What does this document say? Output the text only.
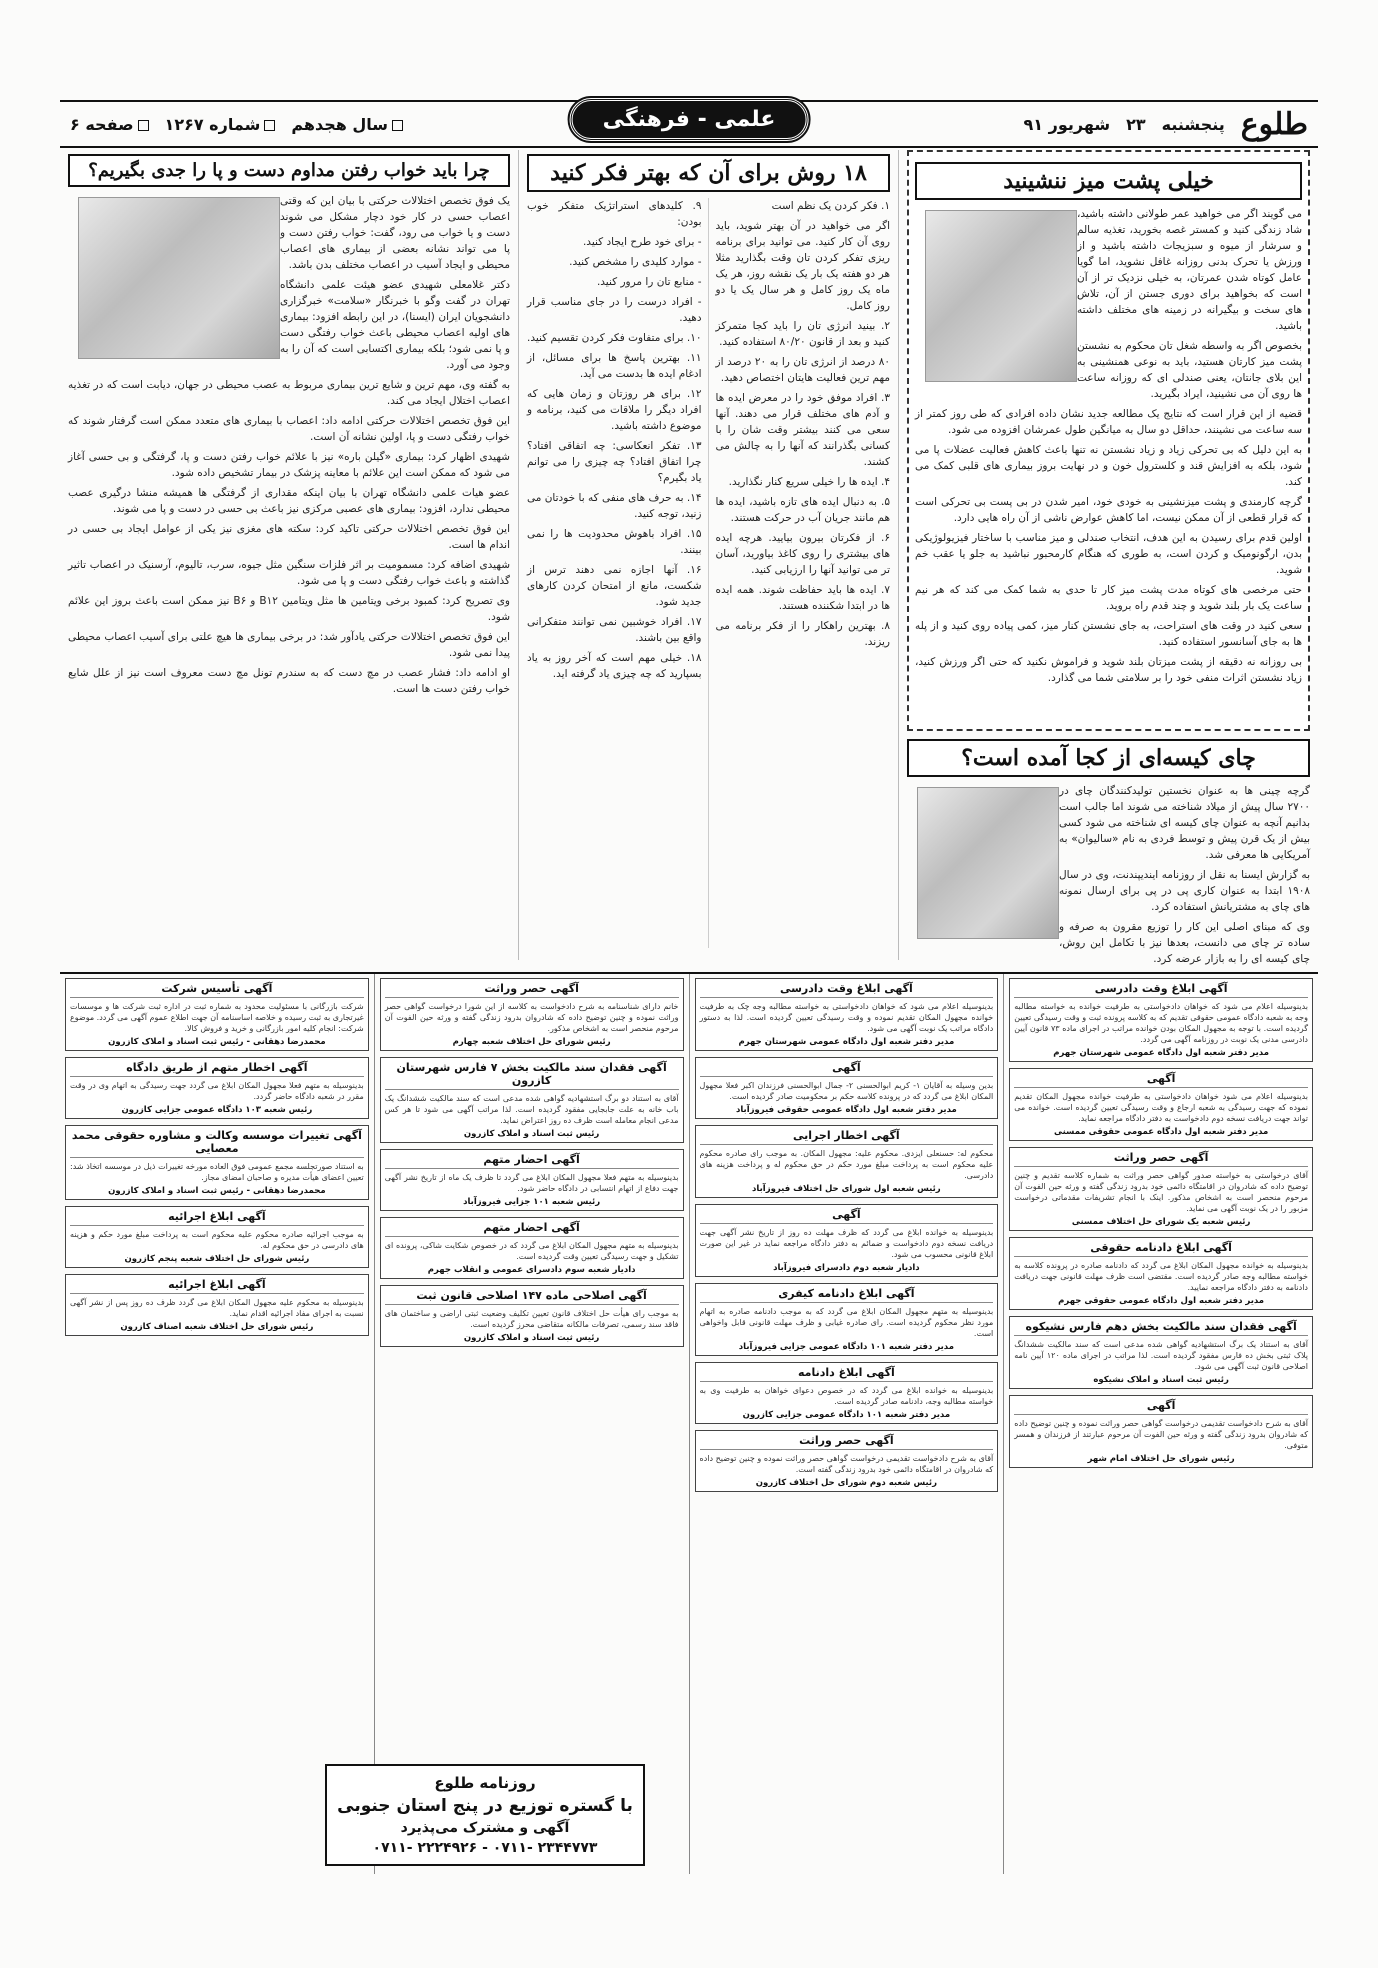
طلوع
پنجشنبه
۲۳
شهریور ۹۱
علمی - فرهنگی
سال هجدهم
شماره ۱۲۶۷
صفحه ۶
خیلی پشت میز ننشینید

می گویند اگر می خواهید عمر طولانی داشته باشید، شاد زندگی کنید و کمستر غصه بخورید، تغذیه سالم و سرشار از میوه و سبزیجات داشته باشید و از ورزش یا تحرک بدنی روزانه غافل نشوید، اما گویا عامل کوتاه شدن عمرتان، به خیلی نزدیک تر از آن است که بخواهید برای دوری جستن از آن، تلاش های سخت و بیگیرانه در زمینه های مختلف داشته باشید.

بخصوص اگر به واسطه شغل تان محکوم به نشستن پشت میز کارتان هستید، باید به نوعی همنشینی به این بلای جانتان، یعنی صندلی ای که روزانه ساعت ها روی آن می نشینید، ایراد بگیرید.

قضیه از این قرار است که نتایج یک مطالعه جدید نشان داده افرادی که طی روز کمتر از سه ساعت می نشینند، حداقل دو سال به میانگین طول عمرشان افزوده می شود.

به این دلیل که بی تحرکی زیاد و زیاد نشستن نه تنها باعث کاهش فعالیت عضلات پا می شود، بلکه به افزایش قند و کلسترول خون و در نهایت بروز بیماری های قلبی کمک می کند.

گرچه کارمندی و پشت میزنشینی به خودی خود، امیر شدن در بی پست بی تحرکی است که قرار قطعی از آن ممکن نیست، اما کاهش عوارض ناشی از آن راه هایی دارد.

اولین قدم برای رسیدن به این هدف، انتخاب صندلی و میز مناسب با ساختار فیزیولوژیکی بدن، ارگونومیک و کردن است، به طوری که هنگام کارمحبور نباشید به جلو یا عقب خم شوید.

حتی مرخصی های کوتاه مدت پشت میز کار تا حدی به شما کمک می کند که هر نیم ساعت یک بار بلند شوید و چند قدم راه بروید.

سعی کنید در وقت های استراحت، به جای نشستن کنار میز، کمی پیاده روی کنید و از پله ها به جای آسانسور استفاده کنید.

بی روزانه نه دقیقه از پشت میزتان بلند شوید و فراموش نکنید که حتی اگر ورزش کنید، زیاد نشستن اثرات منفی خود را بر سلامتی شما می گذارد.

چای کیسه‌ای از کجا آمده است؟

گرچه چینی ها به عنوان نخستین تولیدکنندگان چای در ۲۷۰۰ سال پیش از میلاد شناخته می شوند اما جالب است بدانیم آنچه به عنوان چای کیسه ای شناخته می شود کسی بیش از یک قرن پیش و توسط فردی به نام «سالیوان» به آمریکایی ها معرفی شد.

به گزارش ایسنا به نقل از روزنامه ایندیپندنت، وی در سال ۱۹۰۸ ابتدا به عنوان کاری پی در پی برای ارسال نمونه های چای به مشتریانش استفاده کرد.

وی که مبنای اصلی این کار را توزیع مقرون به صرفه و ساده تر چای می دانست، بعدها نیز با تکامل این روش، چای کیسه ای را به بازار عرضه کرد.

۱۸ روش برای آن که بهتر فکر کنید

۱. فکر کردن یک نظم است

اگر می خواهید در آن بهتر شوید، باید روی آن کار کنید. می توانید برای برنامه ریزی تفکر کردن تان وقت بگذارید مثلا هر دو هفته یک بار یک نقشه روز، هر یک ماه یک روز کامل و هر سال یک یا دو روز کامل.

۲. بینید انرژی تان را باید کجا متمرکز کنید و بعد از قانون ۸۰/۲۰ استفاده کنید.

۸۰ درصد از انرژی تان را به ۲۰ درصد از مهم ترین فعالیت هایتان اختصاص دهید.

۳. افراد موفق خود را در معرض ایده ها و آدم های مختلف قرار می دهند. آنها سعی می کنند بیشتر وقت شان را با کسانی بگذرانند که آنها را به چالش می کشند.

۴. ایده ها را خیلی سریع کنار نگذارید.

۵. به دنبال ایده های تازه باشید، ایده ها هم مانند جریان آب در حرکت هستند.

۶. از فکرتان بیرون بیایید. هرچه ایده های بیشتری را روی کاغذ بیاورید، آسان تر می توانید آنها را ارزیابی کنید.

۷. ایده ها باید حفاظت شوند. همه ایده ها در ابتدا شکننده هستند.

۸. بهترین راهکار را از فکر برنامه می ریزند.

۹. کلیدهای استراتژیک متفکر خوب بودن:

- برای خود طرح ایجاد کنید.

- موارد کلیدی را مشخص کنید.

- منابع تان را مرور کنید.

- افراد درست را در جای مناسب قرار دهید.

۱۰. برای متفاوت فکر کردن تقسیم کنید.

۱۱. بهترین پاسخ ها برای مسائل، از ادغام ایده ها بدست می آید.

۱۲. برای هر روزتان و زمان هایی که افراد دیگر را ملاقات می کنید، برنامه و موضوع داشته باشید.

۱۳. تفکر انعکاسی: چه اتفاقی افتاد؟ چرا اتفاق افتاد؟ چه چیزی را می توانم یاد بگیرم؟

۱۴. به حرف های منفی که با خودتان می زنید، توجه کنید.

۱۵. افراد باهوش محدودیت ها را نمی بینند.

۱۶. آنها اجازه نمی دهند ترس از شکست، مانع از امتحان کردن کارهای جدید شود.

۱۷. افراد خوشبین نمی توانند متفکرانی واقع بین باشند.

۱۸. خیلی مهم است که آخر روز به یاد بسپارید که چه چیزی یاد گرفته اید.

چرا باید خواب رفتن مداوم دست و پا را جدی بگیریم؟

یک فوق تخصص اختلالات حرکتی با بیان این که وقتی اعصاب حسی در کار خود دچار مشکل می شوند دست و یا خواب می رود، گفت: خواب رفتن دست و پا می تواند نشانه بعضی از بیماری های اعصاب محیطی و ایجاد آسیب در اعصاب مختلف بدن باشد.

دکتر غلامعلی شهیدی عضو هیئت علمی دانشگاه تهران در گفت وگو با خبرنگار «سلامت» خبرگزاری دانشجویان ایران (ایسنا)، در این رابطه افزود: بیماری های اولیه اعصاب محیطی باعث خواب رفتگی دست و پا نمی شود؛ بلکه بیماری اکتسابی است که آن را به وجود می آورد.

به گفته وی، مهم ترین و شایع ترین بیماری مربوط به عصب محیطی در جهان، دیابت است که در تغذیه اعصاب اختلال ایجاد می کند.

این فوق تخصص اختلالات حرکتی ادامه داد: اعصاب با بیماری های متعدد ممکن است گرفتار شوند که خواب رفتگی دست و پا، اولین نشانه آن است.

شهیدی اظهار کرد: بیماری «گیلن باره» نیز با علائم خواب رفتن دست و پا، گرفتگی و بی حسی آغاز می شود که ممکن است این علائم با معاینه پزشک در بیمار تشخیص داده شود.

عضو هیات علمی دانشگاه تهران با بیان اینکه مقداری از گرفتگی ها همیشه منشا درگیری عصب محیطی ندارد، افزود: بیماری های عصبی مرکزی نیز باعث بی حسی در دست و پا می شوند.

این فوق تخصص اختلالات حرکتی تاکید کرد: سکته های مغزی نیز یکی از عوامل ایجاد بی حسی در اندام ها است.

شهیدی اضافه کرد: مسمومیت بر اثر فلزات سنگین مثل جیوه، سرب، تالیوم، آرسنیک در اعصاب تاثیر گذاشته و باعث خواب رفتگی دست و پا می شود.

وی تصریح کرد: کمبود برخی ویتامین ها مثل ویتامین B۱۲ و B۶ نیز ممکن است باعث بروز این علائم شود.

این فوق تخصص اختلالات حرکتی یادآور شد: در برخی بیماری ها هیچ علتی برای آسیب اعصاب محیطی پیدا نمی شود.

او ادامه داد: فشار عصب در مچ دست که به سندرم تونل مچ دست معروف است نیز از علل شایع خواب رفتن دست ها است.

آگهی ابلاغ وقت دادرسی

بدینوسیله اعلام می شود که خواهان دادخواستی به طرفیت خوانده به خواسته مطالبه وجه به شعبه دادگاه عمومی حقوقی تقدیم که به کلاسه پرونده ثبت و وقت رسیدگی تعیین گردیده است. با توجه به مجهول المکان بودن خوانده مراتب در اجرای ماده ۷۳ قانون آیین دادرسی مدنی یک نوبت در روزنامه آگهی می گردد.

مدیر دفتر شعبه اول دادگاه عمومی شهرستان جهرم
آگهی

بدینوسیله اعلام می شود خواهان دادخواستی به طرفیت خوانده مجهول المکان تقدیم نموده که جهت رسیدگی به شعبه ارجاع و وقت رسیدگی تعیین گردیده است. خوانده می تواند جهت دریافت نسخه دوم دادخواست به دفتر دادگاه مراجعه نماید.

مدیر دفتر شعبه اول دادگاه عمومی حقوقی ممسنی
آگهی حصر وراثت

آقای درخواستی به خواسته صدور گواهی حصر وراثت به شماره کلاسه تقدیم و چنین توضیح داده که شادروان در اقامتگاه دائمی خود بدرود زندگی گفته و ورثه حین الفوت آن مرحوم منحصر است به اشخاص مذکور. اینک با انجام تشریفات مقدماتی درخواست مزبور را در یک نوبت آگهی می نماید.

رئیس شعبه یک شورای حل اختلاف ممسنی
آگهی ابلاغ دادنامه حقوقی

بدینوسیله به خوانده مجهول المکان ابلاغ می گردد که دادنامه صادره در پرونده کلاسه به خواسته مطالبه وجه صادر گردیده است. مقتضی است ظرف مهلت قانونی جهت دریافت دادنامه به دفتر دادگاه مراجعه نمایید.

مدیر دفتر شعبه اول دادگاه عمومی حقوقی جهرم
آگهی فقدان سند مالکیت بخش دهم فارس نشیکوه

آقای به استناد یک برگ استشهادیه گواهی شده مدعی است که سند مالکیت ششدانگ پلاک ثبتی بخش ده فارس مفقود گردیده است. لذا مراتب در اجرای ماده ۱۲۰ آیین نامه اصلاحی قانون ثبت آگهی می شود.

رئیس ثبت اسناد و املاک نشیکوه
آگهی

آقای به شرح دادخواست تقدیمی درخواست گواهی حصر وراثت نموده و چنین توضیح داده که شادروان بدرود زندگی گفته و ورثه حین الفوت آن مرحوم عبارتند از فرزندان و همسر متوفی.

رئیس شورای حل اختلاف امام شهر
آگهی ابلاغ وقت دادرسی

بدینوسیله اعلام می شود که خواهان دادخواستی به خواسته مطالبه وجه چک به طرفیت خوانده مجهول المکان تقدیم نموده و وقت رسیدگی تعیین گردیده است. لذا به دستور دادگاه مراتب یک نوبت آگهی می شود.

مدیر دفتر شعبه اول دادگاه عمومی شهرستان جهرم
آگهی

بدین وسیله به آقایان ۱- کریم ابوالحسنی ۲- جمال ابوالحسنی فرزندان اکبر فعلا مجهول المکان ابلاغ می گردد که در پرونده کلاسه حکم بر محکومیت صادر گردیده است.

مدیر دفتر شعبه اول دادگاه عمومی حقوقی فیروزآباد
آگهی اخطار اجرایی

محکوم له: حسنعلی ایزدی. محکوم علیه: مجهول المکان. به موجب رای صادره محکوم علیه محکوم است به پرداخت مبلغ مورد حکم در حق محکوم له و پرداخت هزینه های دادرسی.

رئیس شعبه اول شورای حل اختلاف فیروزآباد
آگهی

بدینوسیله به خوانده ابلاغ می گردد که ظرف مهلت ده روز از تاریخ نشر آگهی جهت دریافت نسخه دوم دادخواست و ضمائم به دفتر دادگاه مراجعه نماید در غیر این صورت ابلاغ قانونی محسوب می شود.

دادیار شعبه دوم دادسرای فیروزآباد
آگهی ابلاغ دادنامه کیفری

بدینوسیله به متهم مجهول المکان ابلاغ می گردد که به موجب دادنامه صادره به اتهام مورد نظر محکوم گردیده است. رای صادره غیابی و ظرف مهلت قانونی قابل واخواهی است.

مدیر دفتر شعبه ۱۰۱ دادگاه عمومی جزایی فیروزآباد
آگهی ابلاغ دادنامه

بدینوسیله به خوانده ابلاغ می گردد که در خصوص دعوای خواهان به طرفیت وی به خواسته مطالبه وجه، دادنامه صادر گردیده است.

مدیر دفتر شعبه ۱۰۱ دادگاه عمومی جزایی کازرون
آگهی حصر وراثت

آقای به شرح دادخواست تقدیمی درخواست گواهی حصر وراثت نموده و چنین توضیح داده که شادروان در اقامتگاه دائمی خود بدرود زندگی گفته است.

رئیس شعبه دوم شورای حل اختلاف کازرون
آگهی حصر وراثت

خانم دارای شناسنامه به شرح دادخواست به کلاسه از این شورا درخواست گواهی حصر وراثت نموده و چنین توضیح داده که شادروان بدرود زندگی گفته و ورثه حین الفوت آن مرحوم منحصر است به اشخاص مذکور.

رئیس شورای حل اختلاف شعبه چهارم
آگهی فقدان سند مالکیت بخش ۷ فارس شهرستان کازرون

آقای به استناد دو برگ استشهادیه گواهی شده مدعی است که سند مالکیت ششدانگ یک باب خانه به علت جابجایی مفقود گردیده است. لذا مراتب آگهی می شود تا هر کس مدعی انجام معامله است ظرف ده روز اعتراض نماید.

رئیس ثبت اسناد و املاک کازرون
آگهی احضار متهم

بدینوسیله به متهم فعلا مجهول المکان ابلاغ می گردد تا ظرف یک ماه از تاریخ نشر آگهی جهت دفاع از اتهام انتسابی در دادگاه حاضر شود.

رئیس شعبه ۱۰۱ جزایی فیروزآباد
آگهی احضار متهم

بدینوسیله به متهم مجهول المکان ابلاغ می گردد که در خصوص شکایت شاکی، پرونده ای تشکیل و جهت رسیدگی تعیین وقت گردیده است.

دادیار شعبه سوم دادسرای عمومی و انقلاب جهرم
آگهی اصلاحی ماده ۱۴۷ اصلاحی قانون ثبت

به موجب رای هیأت حل اختلاف قانون تعیین تکلیف وضعیت ثبتی اراضی و ساختمان های فاقد سند رسمی، تصرفات مالکانه متقاضی محرز گردیده است.

رئیس ثبت اسناد و املاک کازرون
آگهی تأسیس شرکت

شرکت بازرگانی با مسئولیت محدود به شماره ثبت در اداره ثبت شرکت ها و موسسات غیرتجاری به ثبت رسیده و خلاصه اساسنامه آن جهت اطلاع عموم آگهی می گردد. موضوع شرکت: انجام کلیه امور بازرگانی و خرید و فروش کالا.

محمدرضا دهقانی - رئیس ثبت اسناد و املاک کازرون
آگهی اخطار متهم از طریق دادگاه

بدینوسیله به متهم فعلا مجهول المکان ابلاغ می گردد جهت رسیدگی به اتهام وی در وقت مقرر در شعبه دادگاه حاضر گردد.

رئیس شعبه ۱۰۳ دادگاه عمومی جزایی کازرون
آگهی تغییرات موسسه وکالت و مشاوره حقوقی محمد معصایی

به استناد صورتجلسه مجمع عمومی فوق العاده مورخه تغییرات ذیل در موسسه اتخاذ شد: تعیین اعضای هیأت مدیره و صاحبان امضای مجاز.

محمدرضا دهقانی - رئیس ثبت اسناد و املاک کازرون
آگهی ابلاغ اجرائیه

به موجب اجرائیه صادره محکوم علیه محکوم است به پرداخت مبلغ مورد حکم و هزینه های دادرسی در حق محکوم له.

رئیس شورای حل اختلاف شعبه پنجم کازرون
آگهی ابلاغ اجرائیه

بدینوسیله به محکوم علیه مجهول المکان ابلاغ می گردد ظرف ده روز پس از نشر آگهی نسبت به اجرای مفاد اجرائیه اقدام نماید.

رئیس شورای حل اختلاف شعبه اصناف کازرون
روزنامه طلوع
با گستره توزیع در پنج استان جنوبی
آگهی و مشترک می‌پذیرد
۰۷۱۱- ۲۲۲۴۹۲۶ - ۰۷۱۱- ۲۳۴۴۷۷۳
